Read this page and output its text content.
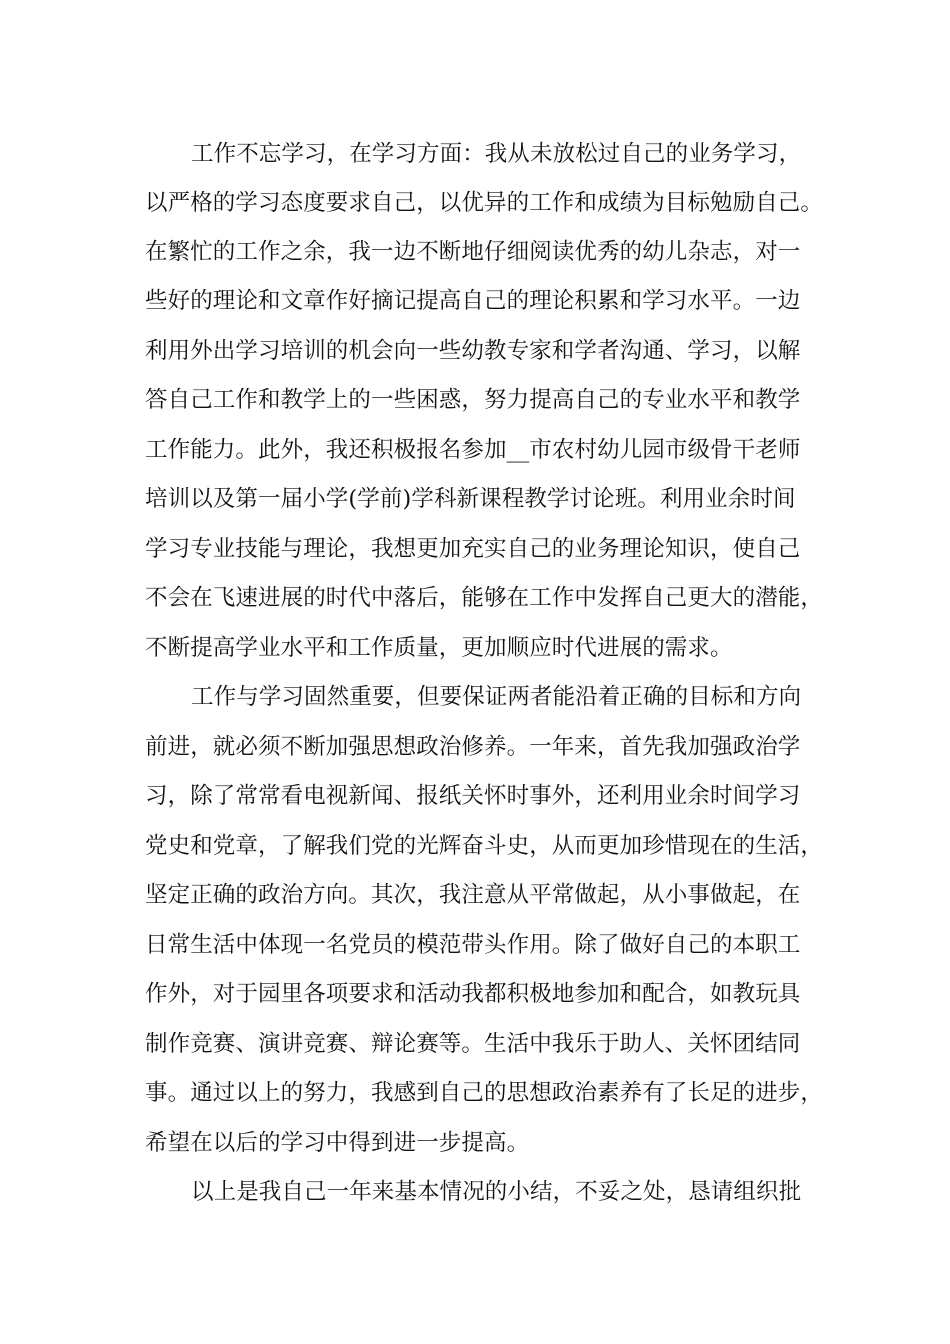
工作不忘学习，在学习方面：我从未放松过自己的业务学习，
以严格的学习态度要求自己，以优异的工作和成绩为目标勉励自己。
在繁忙的工作之余，我一边不断地仔细阅读优秀的幼儿杂志，对一
些好的理论和文章作好摘记提高自己的理论积累和学习水平。一边
利用外出学习培训的机会向一些幼教专家和学者沟通、学习，以解
答自己工作和教学上的一些困惑，努力提高自己的专业水平和教学
工作能力。此外，我还积极报名参加__市农村幼儿园市级骨干老师
培训以及第一届小学(学前)学科新课程教学讨论班。利用业余时间
学习专业技能与理论，我想更加充实自己的业务理论知识，使自己
不会在飞速进展的时代中落后，能够在工作中发挥自己更大的潜能，
不断提高学业水平和工作质量，更加顺应时代进展的需求。
工作与学习固然重要，但要保证两者能沿着正确的目标和方向
前进，就必须不断加强思想政治修养。一年来，首先我加强政治学
习，除了常常看电视新闻、报纸关怀时事外，还利用业余时间学习
党史和党章，了解我们党的光辉奋斗史，从而更加珍惜现在的生活，
坚定正确的政治方向。其次，我注意从平常做起，从小事做起，在
日常生活中体现一名党员的模范带头作用。除了做好自己的本职工
作外，对于园里各项要求和活动我都积极地参加和配合，如教玩具
制作竞赛、演讲竞赛、辩论赛等。生活中我乐于助人、关怀团结同
事。通过以上的努力，我感到自己的思想政治素养有了长足的进步，
希望在以后的学习中得到进一步提高。
以上是我自己一年来基本情况的小结，不妥之处，恳请组织批
